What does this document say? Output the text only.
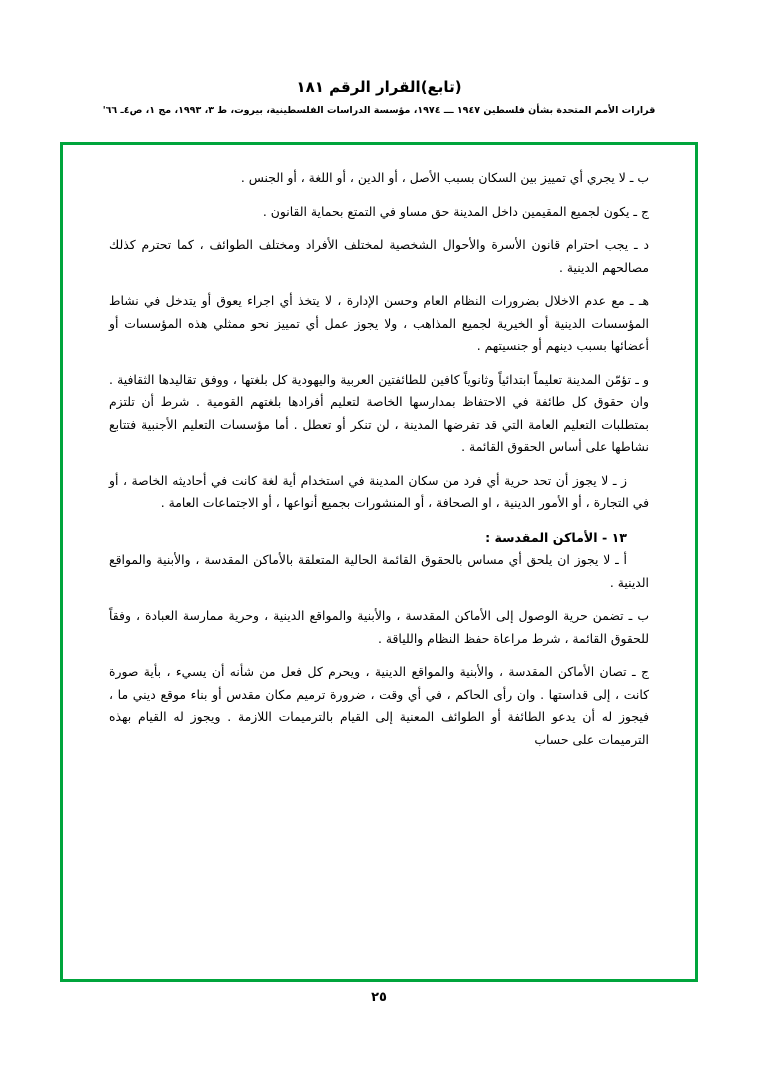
(تابع)القرار الرقم ١٨١
قرارات الأمم المتحدة بشأن فلسطين ١٩٤٧ ـــ ١٩٧٤، مؤسسة الدراسات الفلسطينية، بيروت، ط ٣، ١٩٩٣، مج ١، ص٤ـ ٦٦'

ب ـ لا يجري أي تمييز بين السكان بسبب الأصل ، أو الدين ، أو اللغة ، أو الجنس .

ج ـ يكون لجميع المقيمين داخل المدينة حق مساو في التمتع بحماية القانون .

د ـ يجب احترام قانون الأسرة والأحوال الشخصية لمختلف الأفراد ومختلف الطوائف ، كما تحترم كذلك مصالحهم الدينية .

هـ ـ مع عدم الاخلال بضرورات النظام العام وحسن الإدارة ، لا يتخذ أي اجراء يعوق أو يتدخل في نشاط المؤسسات الدينية أو الخيرية لجميع المذاهب ، ولا يجوز عمل أي تمييز نحو ممثلي هذه المؤسسات أو أعضائها بسبب دينهم أو جنسيتهم .

و ـ تؤمّن المدينة تعليماً ابتدائياً وثانوياً كافين للطائفتين العربية واليهودية كل بلغتها ، ووفق تقاليدها الثقافية . وان حقوق كل طائفة في الاحتفاظ بمدارسها الخاصة لتعليم أفرادها بلغتهم القومية . شرط أن تلتزم بمتطلبات التعليم العامة التي قد تفرضها المدينة ، لن تنكر أو تعطل . أما مؤسسات التعليم الأجنبية فتتابع نشاطها على أساس الحقوق القائمة .

ز ـ لا يجوز أن تحد حرية أي فرد من سكان المدينة في استخدام أية لغة كانت في أحاديثه الخاصة ، أو في التجارة ، أو الأمور الدينية ، او الصحافة ، أو المنشورات بجميع أنواعها ، أو الاجتماعات العامة .

١٣ - الأماكن المقدسة :

أ ـ لا يجوز ان يلحق أي مساس بالحقوق القائمة الحالية المتعلقة بالأماكن المقدسة ، والأبنية والمواقع الدينية .

ب ـ تضمن حرية الوصول إلى الأماكن المقدسة ، والأبنية والمواقع الدينية ، وحرية ممارسة العبادة ، وفقاً للحقوق القائمة ، شرط مراعاة حفظ النظام واللياقة .

ج ـ تصان الأماكن المقدسة ، والأبنية والمواقع الدينية ، ويحرم كل فعل من شأنه أن يسيء ، بأية صورة كانت ، إلى قداستها . وان رأى الحاكم ، في أي وقت ، ضرورة ترميم مكان مقدس أو بناء موقع ديني ما ، فيجوز له أن يدعو الطائفة أو الطوائف المعنية إلى القيام بالترميمات اللازمة . ويجوز له القيام بهذه الترميمات على حساب

٢٥
